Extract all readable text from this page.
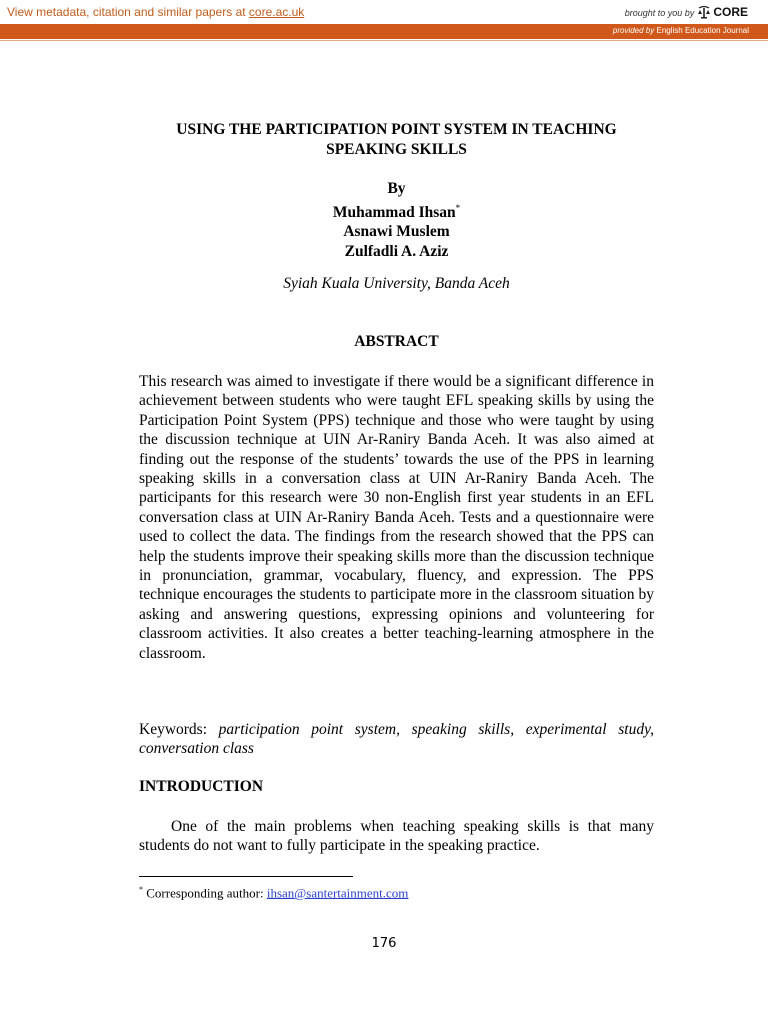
View metadata, citation and similar papers at core.ac.uk	brought to you by CORE
provided by English Education Journal
USING THE PARTICIPATION POINT SYSTEM IN TEACHING
SPEAKING SKILLS
By
Muhammad Ihsan*
Asnawi Muslem
Zulfadli A. Aziz
Syiah Kuala University, Banda Aceh
ABSTRACT
This research was aimed to investigate if there would be a significant difference in achievement between students who were taught EFL speaking skills by using the Participation Point System (PPS) technique and those who were taught by using the discussion technique at UIN Ar-Raniry Banda Aceh. It was also aimed at finding out the response of the students’ towards the use of the PPS in learning speaking skills in a conversation class at UIN Ar-Raniry Banda Aceh. The participants for this research were 30 non-English first year students in an EFL conversation class at UIN Ar-Raniry Banda Aceh. Tests and a questionnaire were used to collect the data. The findings from the research showed that the PPS can help the students improve their speaking skills more than the discussion technique in pronunciation, grammar, vocabulary, fluency, and expression. The PPS technique encourages the students to participate more in the classroom situation by asking and answering questions, expressing opinions and volunteering for classroom activities. It also creates a better teaching-learning atmosphere in the classroom.
Keywords: participation point system, speaking skills, experimental study, conversation class
INTRODUCTION
One of the main problems when teaching speaking skills is that many students do not want to fully participate in the speaking practice.
* Corresponding author: ihsan@santertainment.com
176
